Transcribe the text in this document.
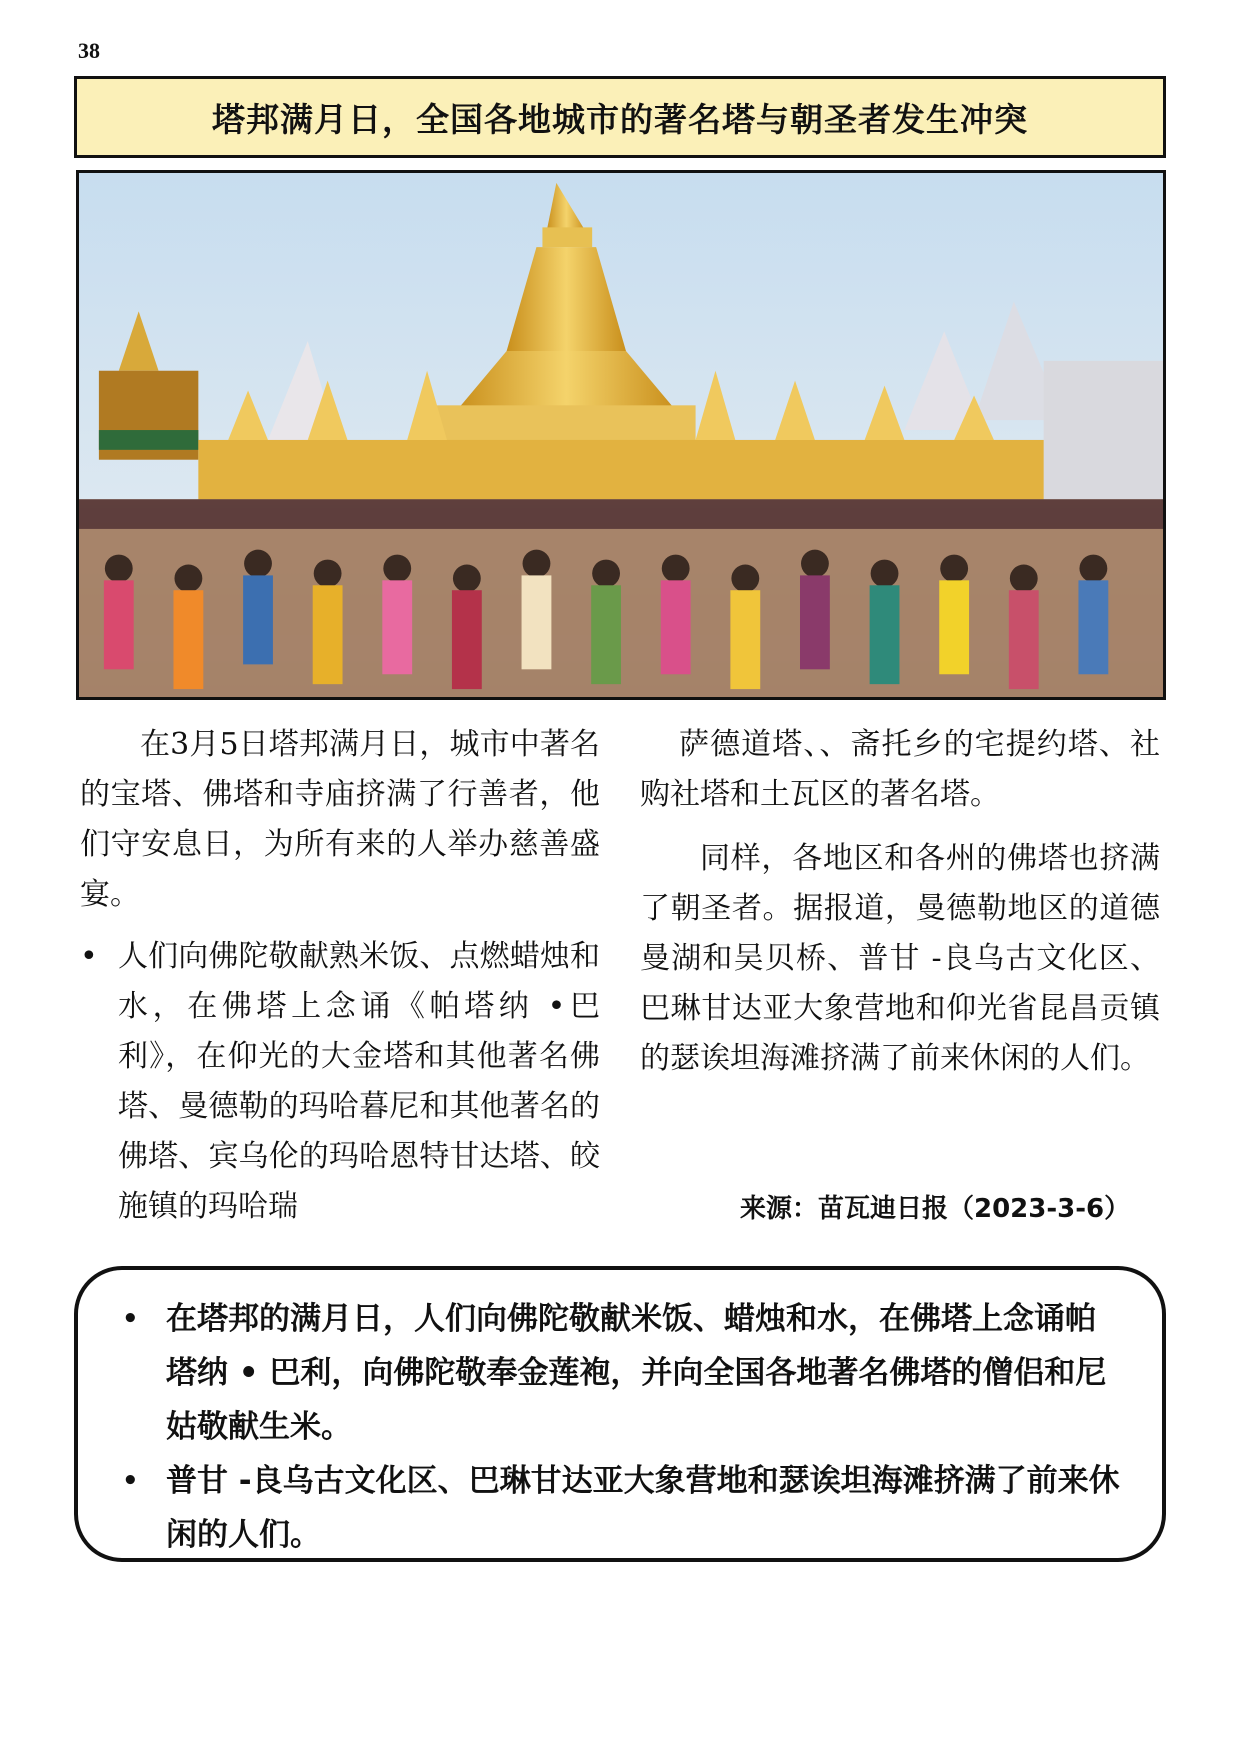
38
塔邦满月日，全国各地城市的著名塔与朝圣者发生冲突

在3月5日塔邦满月日，城市中著名的宝塔、佛塔和寺庙挤满了行善者，他们守安息日，为所有来的人举办慈善盛宴。

• 人们向佛陀敬献熟米饭、点燃蜡烛和水，在佛塔上念诵《帕塔纳 •巴利》，在仰光的大金塔和其他著名佛塔、曼德勒的玛哈暮尼和其他著名的佛塔、宾乌伦的玛哈恩特甘达塔、皎施镇的玛哈瑞

萨德道塔、、斋托乡的宅提约塔、社购社塔和土瓦区的著名塔。

同样，各地区和各州的佛塔也挤满了朝圣者。据报道，曼德勒地区的道德曼湖和吴贝桥、普甘 -良乌古文化区、巴琳甘达亚大象营地和仰光省昆昌贡镇的瑟诶坦海滩挤满了前来休闲的人们。

来源：苗瓦迪日报（2023-3-6）
• 在塔邦的满月日，人们向佛陀敬献米饭、蜡烛和水，在佛塔上念诵帕塔纳 • 巴利，向佛陀敬奉金莲袍，并向全国各地著名佛塔的僧侣和尼姑敬献生米。
• 普甘 -良乌古文化区、巴琳甘达亚大象营地和瑟诶坦海滩挤满了前来休闲的人们。
